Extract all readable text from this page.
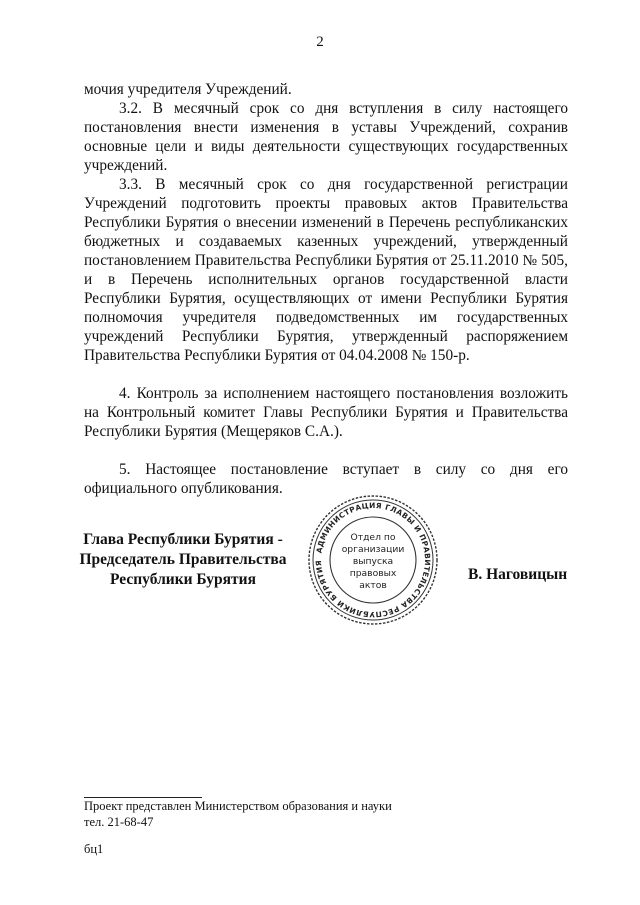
2

мочия учредителя Учреждений.

3.2. В месячный срок со дня вступления в силу настоящего постановления внести изменения в уставы Учреждений, сохранив основные цели и виды деятельности существующих государственных учреждений.

3.3. В месячный срок со дня государственной регистрации Учреждений подготовить проекты правовых актов Правительства Республики Бурятия о внесении изменений в Перечень республиканских бюджетных и создаваемых казенных учреждений, утвержденный постановлением Правительства Республики Бурятия от 25.11.2010 № 505, и в Перечень исполнительных органов государственной власти Республики Бурятия, осуществляющих от имени Республики Бурятия полномочия учредителя подведомственных им государственных учреждений Республики Бурятия, утвержденный распоряжением Правительства Республики Бурятия от 04.04.2008 № 150-р.

4. Контроль за исполнением настоящего постановления возложить на Контрольный комитет Главы Республики Бурятия и Правительства Республики Бурятия (Мещеряков С.А.).

5. Настоящее постановление вступает в силу со дня его официального опубликования.

Глава Республики Бурятия -
Председатель Правительства
Республики Бурятия
АДМИНИСТРАЦИЯ ГЛАВЫ И ПРАВИТЕЛЬСТВА РЕСПУБЛИКИ БУРЯТИЯ
Отдел по
организации
выпуска
правовых
актов
В. Наговицын
Проект представлен Министерством образования и науки
тел. 21-68-47
бц1
